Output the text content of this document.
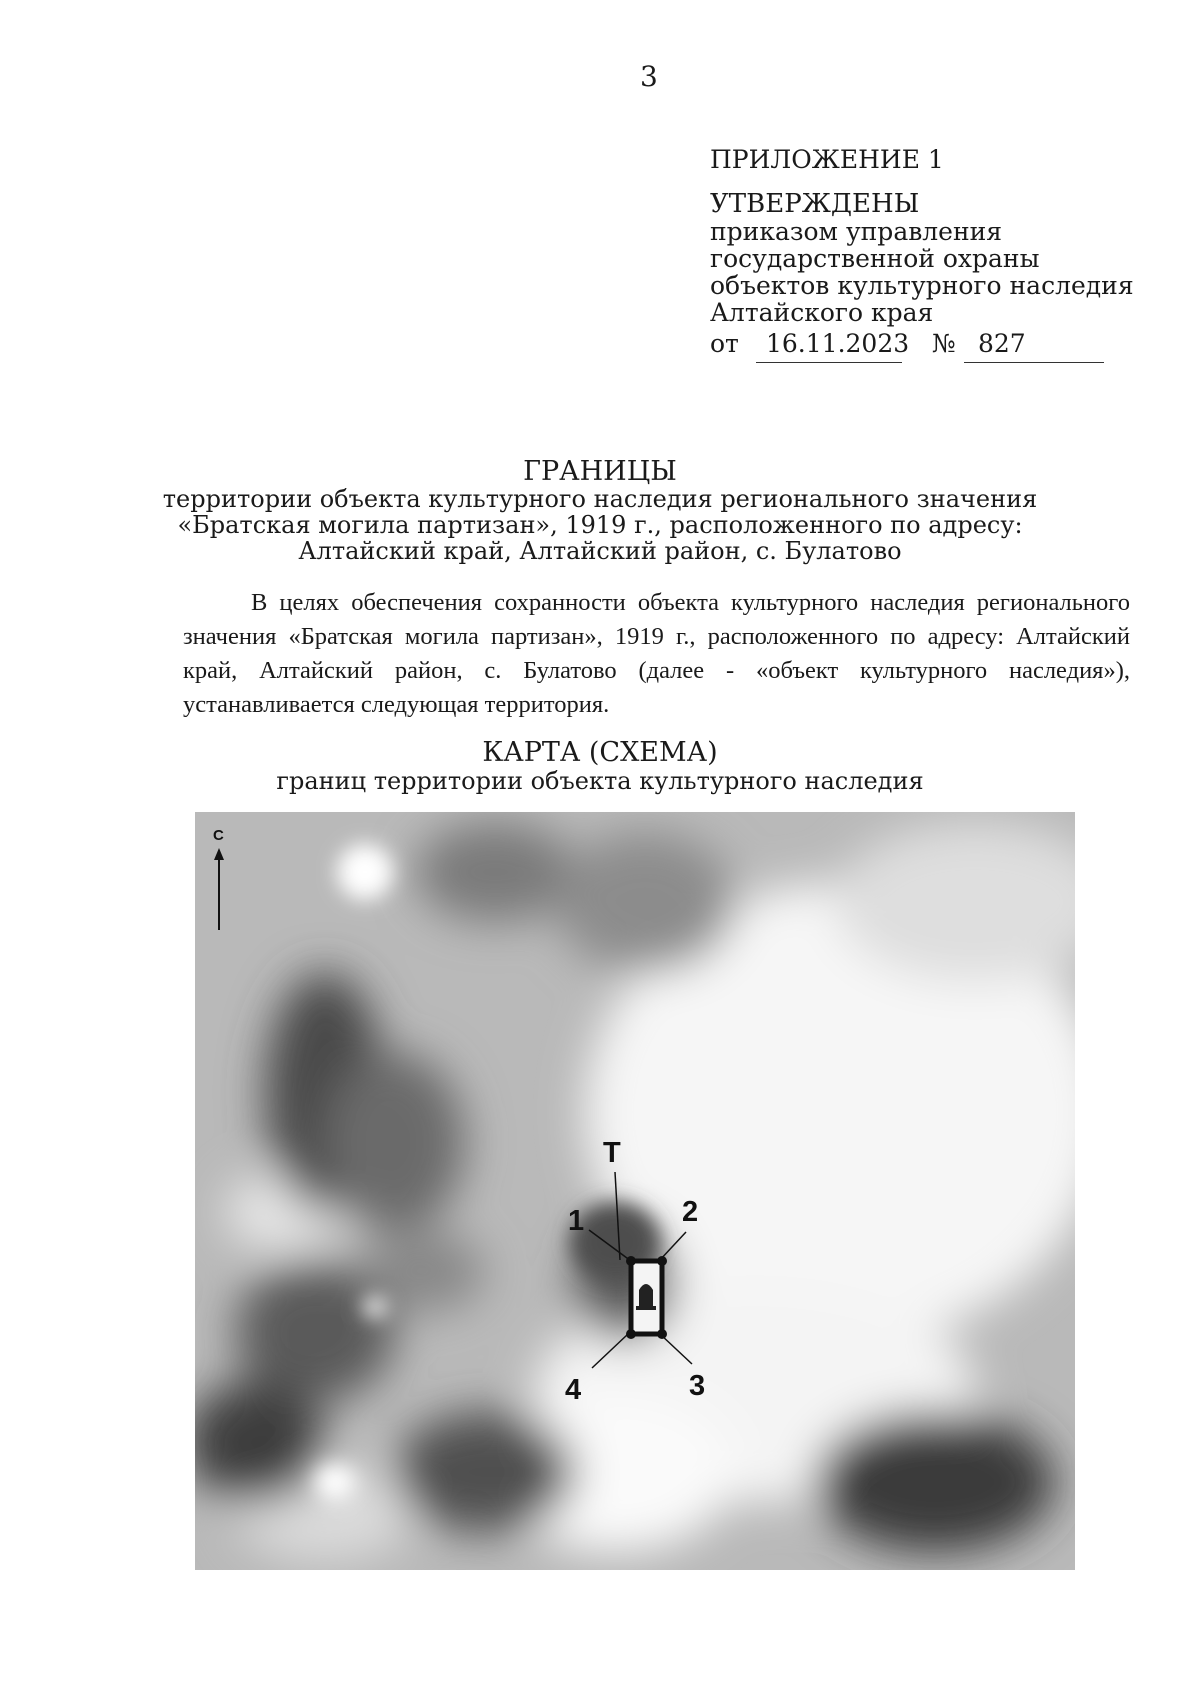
3
ПРИЛОЖЕНИЕ 1
УТВЕРЖДЕНЫ
приказом управления
государственной охраны
объектов культурного наследия
Алтайского края
от 16.11.2023 № 827
ГРАНИЦЫ
территории объекта культурного наследия регионального значения
«Братская могила партизан», 1919 г., расположенного по адресу:
Алтайский край, Алтайский район, с. Булатово

В целях обеспечения сохранности объекта культурного наследия регионального значения «Братская могила партизан», 1919 г., расположенного по адресу: Алтайский край, Алтайский район, с. Булатово (далее - «объект культурного наследия»), устанавливается следующая территория.

КАРТА (СХЕМА)
границ территории объекта культурного наследия
С
Т
1	2
3
4
